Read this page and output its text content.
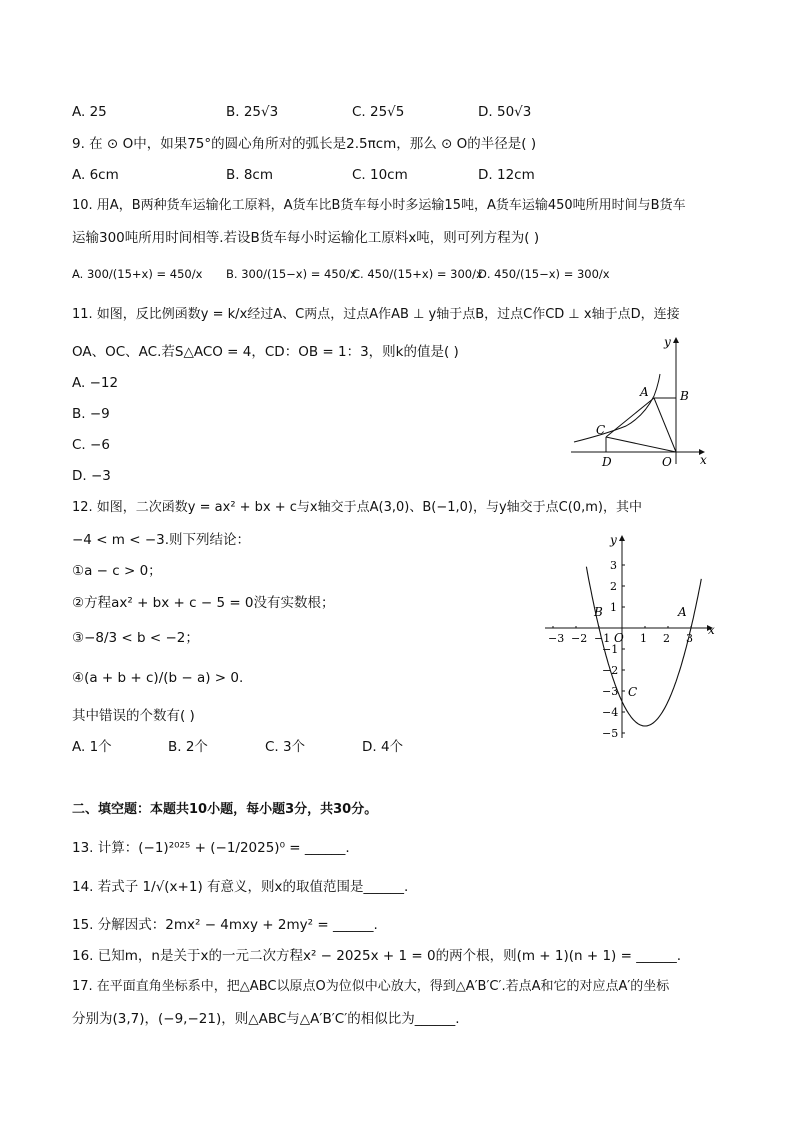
A. 25	B. 25√3	C. 25√5	D. 50√3
9. 在 ⊙ O中，如果75°的圆心角所对的弧长是2.5πcm，那么 ⊙ O的半径是( )
A. 6cm	B. 8cm	C. 10cm	D. 12cm
10. 用A，B两种货车运输化工原料，A货车比B货车每小时多运输15吨，A货车运输450吨所用时间与B货车
运输300吨所用时间相等.若设B货车每小时运输化工原料x吨，则可列方程为( )
A. 300/(15+x) = 450/x B. 300/(15−x) = 450/x
C. 450/(15+x) = 300/x
D. 450/(15−x) = 300/x
11. 如图，反比例函数y = k/x经过A、C两点，过点A作AB ⊥ y轴于点B，过点C作CD ⊥ x轴于点D，连接
OA、OC、AC.若S△ACO = 4，CD：OB = 1：3，则k的值是( )
A. −12
B. −9
C. −6
D. −3
y
x
A	B
C
D	O
12. 如图，二次函数y = ax² + bx + c与x轴交于点A(3,0)、B(−1,0)，与y轴交于点C(0,m)，其中
−4 < m < −3.则下列结论：
①a − c > 0；
②方程ax² + bx + c − 5 = 0没有实数根；
③−8/3 < b < −2；
④(a + b + c)/(b − a) > 0.
其中错误的个数有( )
A. 1个	B. 2个	C. 3个	D. 4个
−3 −2 −1	1 2 3
3
2
1
−1
−2
−3
−4
−5
y
x
B	A
O
C
二、填空题：本题共10小题，每小题3分，共30分。
13. 计算：(−1)²⁰²⁵ + (−1/2025)⁰ = ______.
14. 若式子 1/√(x+1) 有意义，则x的取值范围是______.
15. 分解因式：2mx² − 4mxy + 2my² = ______.
16. 已知m，n是关于x的一元二次方程x² − 2025x + 1 = 0的两个根，则(m + 1)(n + 1) = ______.
17. 在平面直角坐标系中，把△ABC以原点O为位似中心放大，得到△A′B′C′.若点A和它的对应点A′的坐标
分别为(3,7)，(−9,−21)，则△ABC与△A′B′C′的相似比为______.
